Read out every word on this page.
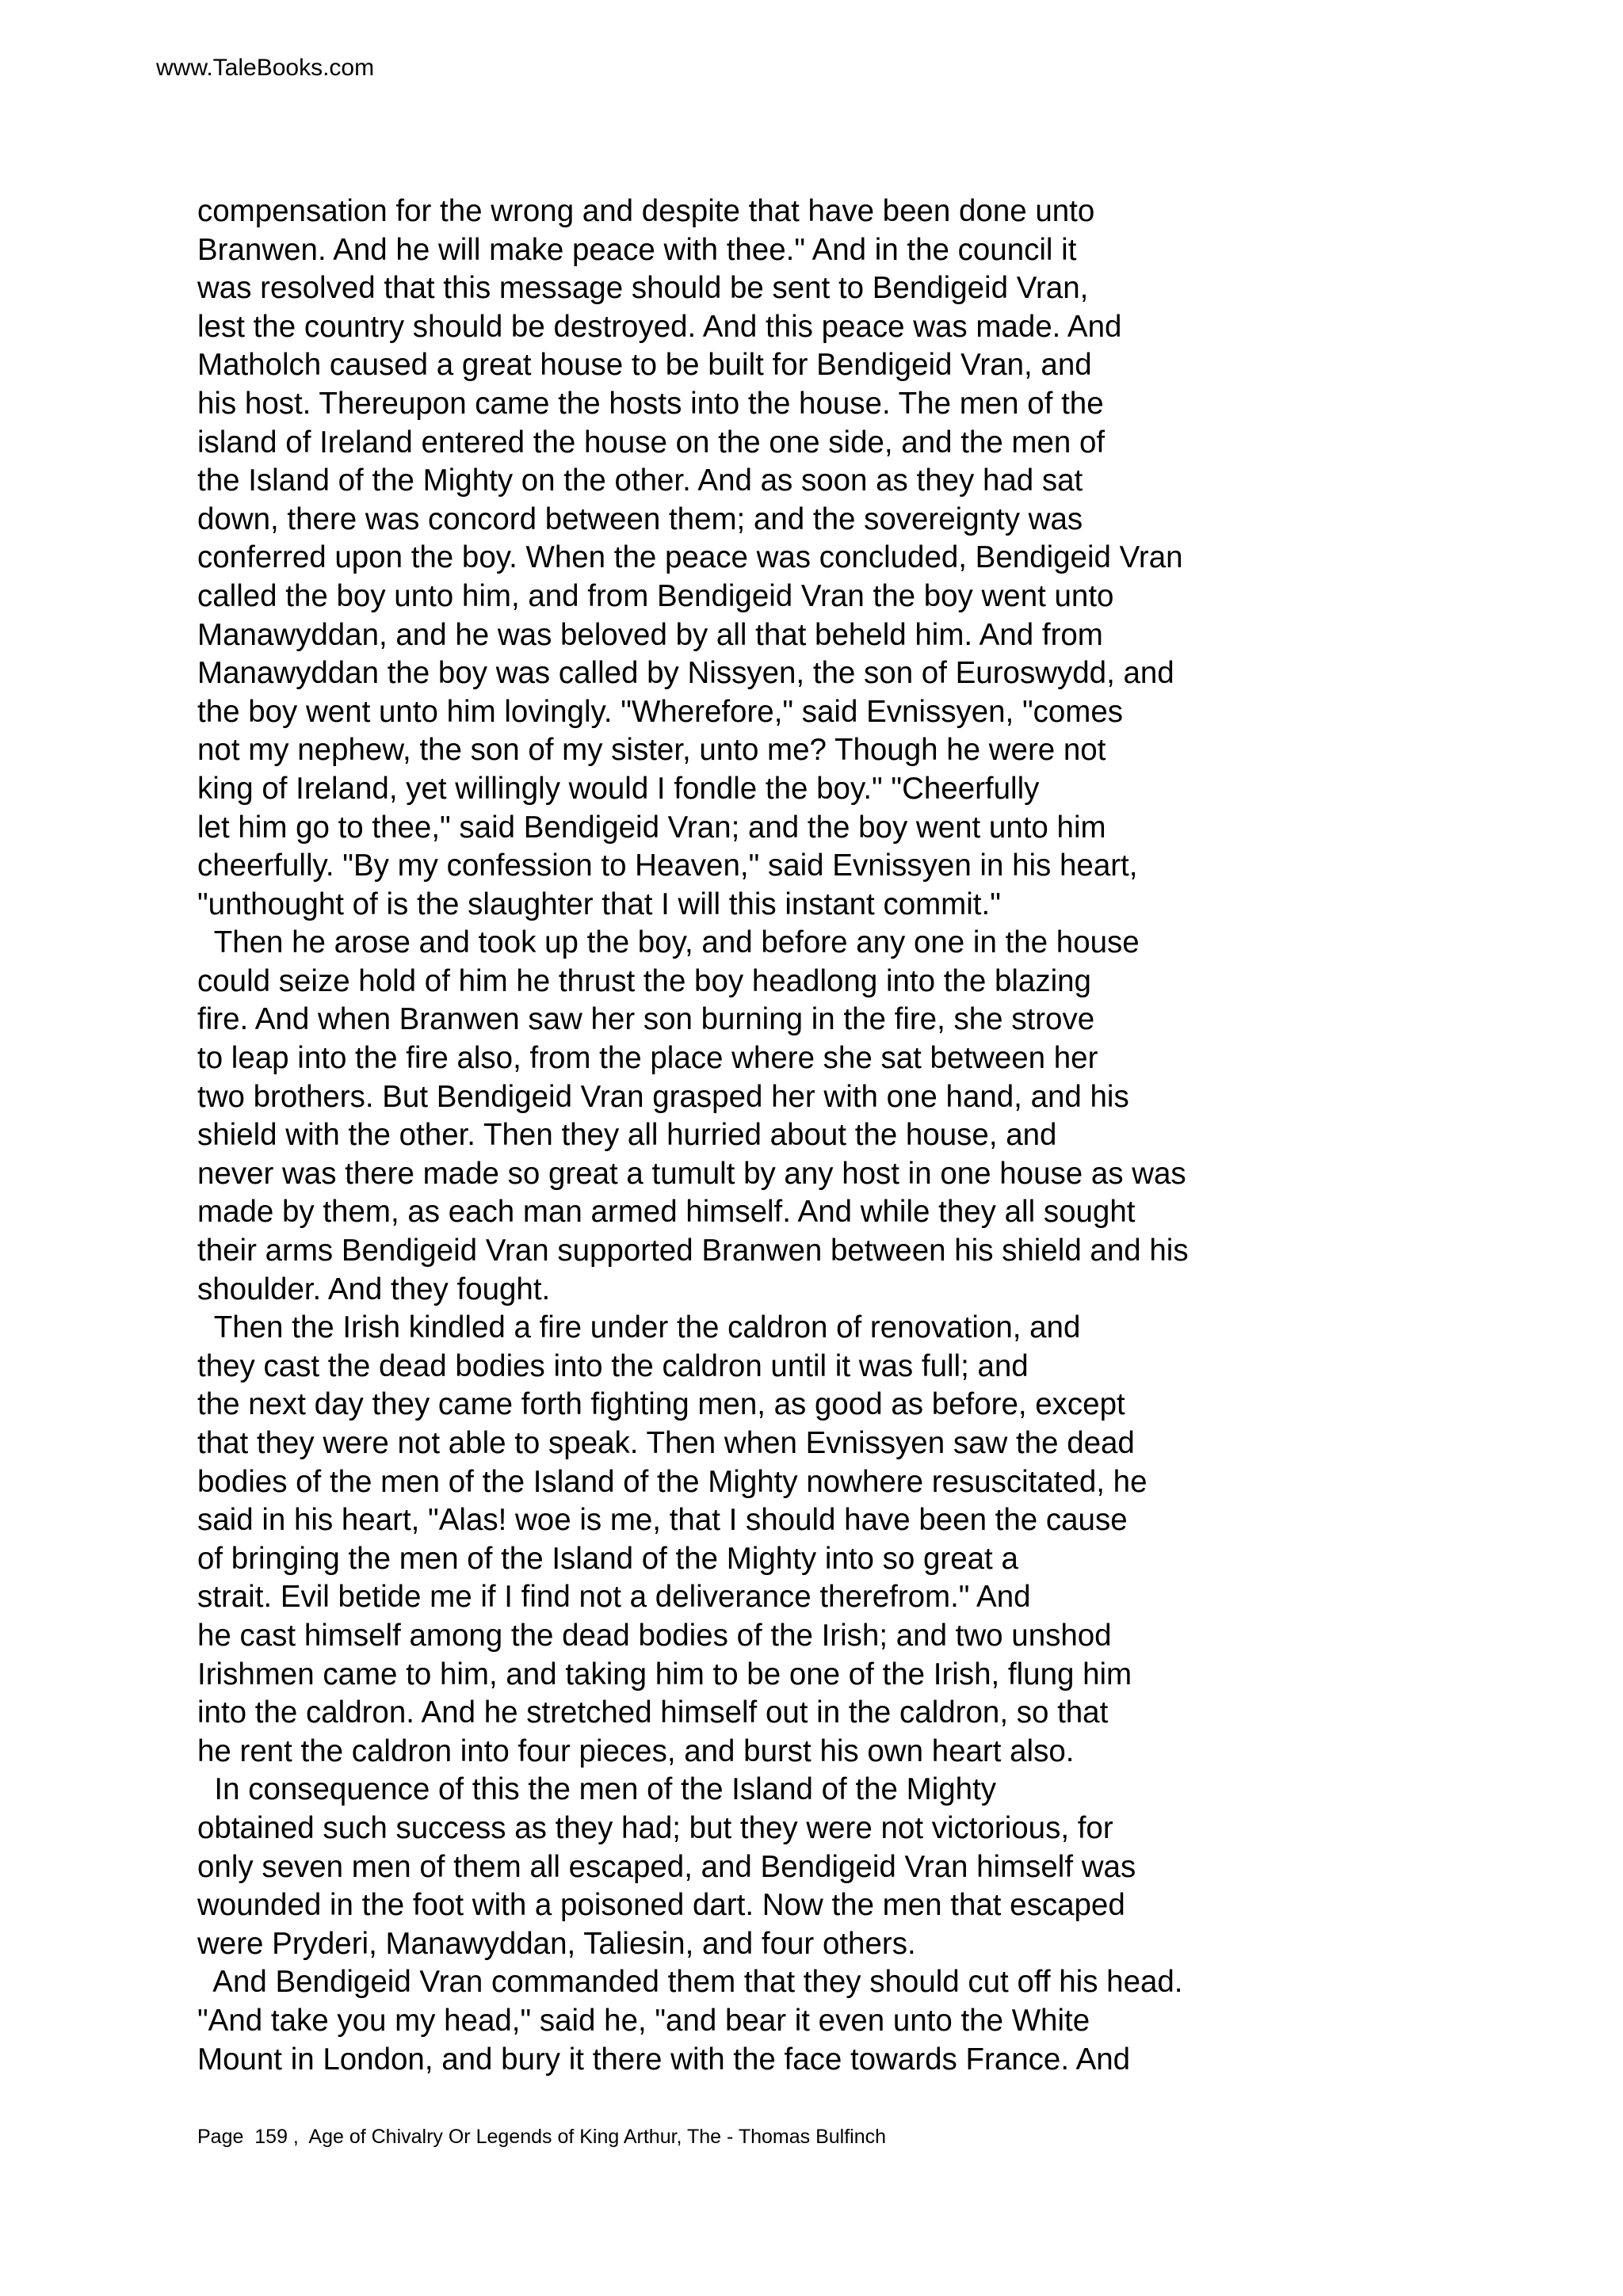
www.TaleBooks.com
compensation for the wrong and despite that have been done unto
Branwen. And he will make peace with thee." And in the council it
was resolved that this message should be sent to Bendigeid Vran,
lest the country should be destroyed. And this peace was made. And
Matholch caused a great house to be built for Bendigeid Vran, and
his host. Thereupon came the hosts into the house. The men of the
island of Ireland entered the house on the one side, and the men of
the Island of the Mighty on the other. And as soon as they had sat
down, there was concord between them; and the sovereignty was
conferred upon the boy. When the peace was concluded, Bendigeid Vran
called the boy unto him, and from Bendigeid Vran the boy went unto
Manawyddan, and he was beloved by all that beheld him. And from
Manawyddan the boy was called by Nissyen, the son of Euroswydd, and
the boy went unto him lovingly. "Wherefore," said Evnissyen, "comes
not my nephew, the son of my sister, unto me? Though he were not
king of Ireland, yet willingly would I fondle the boy." "Cheerfully
let him go to thee," said Bendigeid Vran; and the boy went unto him
cheerfully. "By my confession to Heaven," said Evnissyen in his heart,
"unthought of is the slaughter that I will this instant commit."
Then he arose and took up the boy, and before any one in the house
could seize hold of him he thrust the boy headlong into the blazing
fire. And when Branwen saw her son burning in the fire, she strove
to leap into the fire also, from the place where she sat between her
two brothers. But Bendigeid Vran grasped her with one hand, and his
shield with the other. Then they all hurried about the house, and
never was there made so great a tumult by any host in one house as was
made by them, as each man armed himself. And while they all sought
their arms Bendigeid Vran supported Branwen between his shield and his
shoulder. And they fought.
Then the Irish kindled a fire under the caldron of renovation, and
they cast the dead bodies into the caldron until it was full; and
the next day they came forth fighting men, as good as before, except
that they were not able to speak. Then when Evnissyen saw the dead
bodies of the men of the Island of the Mighty nowhere resuscitated, he
said in his heart, "Alas! woe is me, that I should have been the cause
of bringing the men of the Island of the Mighty into so great a
strait. Evil betide me if I find not a deliverance therefrom." And
he cast himself among the dead bodies of the Irish; and two unshod
Irishmen came to him, and taking him to be one of the Irish, flung him
into the caldron. And he stretched himself out in the caldron, so that
he rent the caldron into four pieces, and burst his own heart also.
In consequence of this the men of the Island of the Mighty
obtained such success as they had; but they were not victorious, for
only seven men of them all escaped, and Bendigeid Vran himself was
wounded in the foot with a poisoned dart. Now the men that escaped
were Pryderi, Manawyddan, Taliesin, and four others.
And Bendigeid Vran commanded them that they should cut off his head.
"And take you my head," said he, "and bear it even unto the White
Mount in London, and bury it there with the face towards France. And
Page  159 ,  Age of Chivalry Or Legends of King Arthur, The - Thomas Bulfinch
